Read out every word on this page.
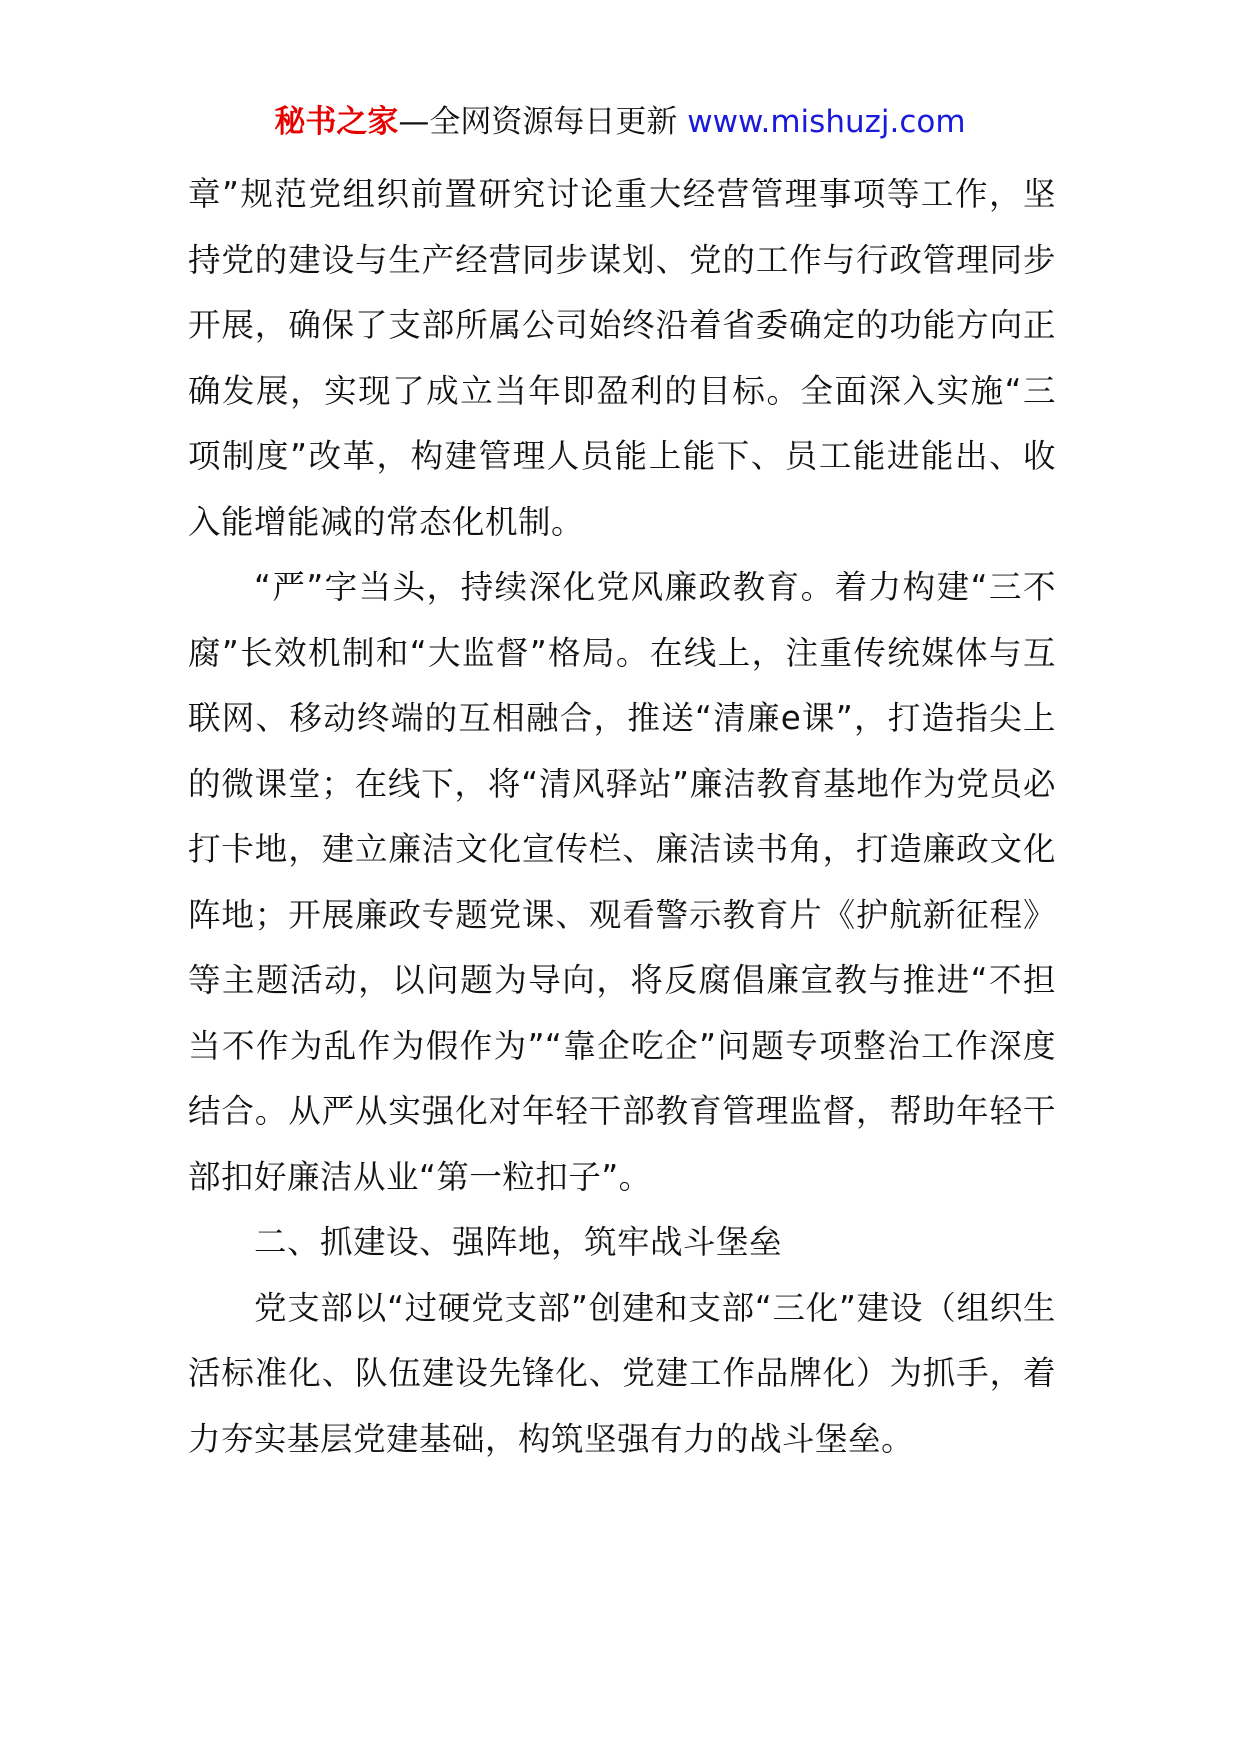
秘书之家—全网资源每日更新 www.mishuzj.com

章”规范党组织前置研究讨论重大经营管理事项等工作，坚持党的建设与生产经营同步谋划、党的工作与行政管理同步开展，确保了支部所属公司始终沿着省委确定的功能方向正确发展，实现了成立当年即盈利的目标。全面深入实施“三项制度”改革，构建管理人员能上能下、员工能进能出、收入能增能减的常态化机制。

“严”字当头，持续深化党风廉政教育。着力构建“三不腐”长效机制和“大监督”格局。在线上，注重传统媒体与互联网、移动终端的互相融合，推送“清廉e课”，打造指尖上的微课堂；在线下，将“清风驿站”廉洁教育基地作为党员必打卡地，建立廉洁文化宣传栏、廉洁读书角，打造廉政文化阵地；开展廉政专题党课、观看警示教育片《护航新征程》等主题活动，以问题为导向，将反腐倡廉宣教与推进“不担当不作为乱作为假作为”“靠企吃企”问题专项整治工作深度结合。从严从实强化对年轻干部教育管理监督，帮助年轻干部扣好廉洁从业“第一粒扣子”。

二、抓建设、强阵地，筑牢战斗堡垒

党支部以“过硬党支部”创建和支部“三化”建设（组织生活标准化、队伍建设先锋化、党建工作品牌化）为抓手，着力夯实基层党建基础，构筑坚强有力的战斗堡垒。
